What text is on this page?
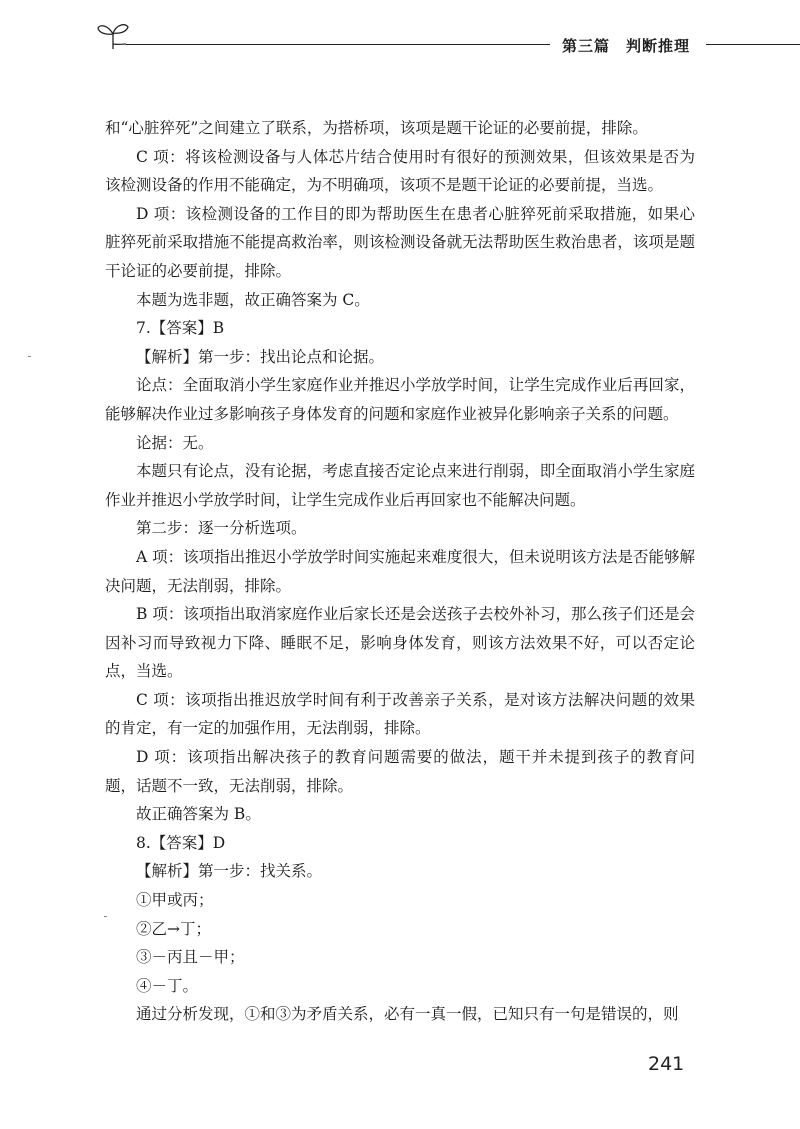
第三篇　判断推理

和“心脏猝死”之间建立了联系，为搭桥项，该项是题干论证的必要前提，排除。

C 项：将该检测设备与人体芯片结合使用时有很好的预测效果，但该效果是否为该检测设备的作用不能确定，为不明确项，该项不是题干论证的必要前提，当选。

D 项：该检测设备的工作目的即为帮助医生在患者心脏猝死前采取措施，如果心脏猝死前采取措施不能提高救治率，则该检测设备就无法帮助医生救治患者，该项是题干论证的必要前提，排除。

本题为选非题，故正确答案为 C。

7.【答案】B

【解析】第一步：找出论点和论据。

论点：全面取消小学生家庭作业并推迟小学放学时间，让学生完成作业后再回家，能够解决作业过多影响孩子身体发育的问题和家庭作业被异化影响亲子关系的问题。

论据：无。

本题只有论点，没有论据，考虑直接否定论点来进行削弱，即全面取消小学生家庭作业并推迟小学放学时间，让学生完成作业后再回家也不能解决问题。

第二步：逐一分析选项。

A 项：该项指出推迟小学放学时间实施起来难度很大，但未说明该方法是否能够解决问题，无法削弱，排除。

B 项：该项指出取消家庭作业后家长还是会送孩子去校外补习，那么孩子们还是会因补习而导致视力下降、睡眠不足，影响身体发育，则该方法效果不好，可以否定论点，当选。

C 项：该项指出推迟放学时间有利于改善亲子关系，是对该方法解决问题的效果的肯定，有一定的加强作用，无法削弱，排除。

D 项：该项指出解决孩子的教育问题需要的做法，题干并未提到孩子的教育问题，话题不一致，无法削弱，排除。

故正确答案为 B。

8.【答案】D

【解析】第一步：找关系。

①甲或丙；

②乙→丁；

③－丙且－甲；

④－丁。

通过分析发现，①和③为矛盾关系，必有一真一假，已知只有一句是错误的，则

241
